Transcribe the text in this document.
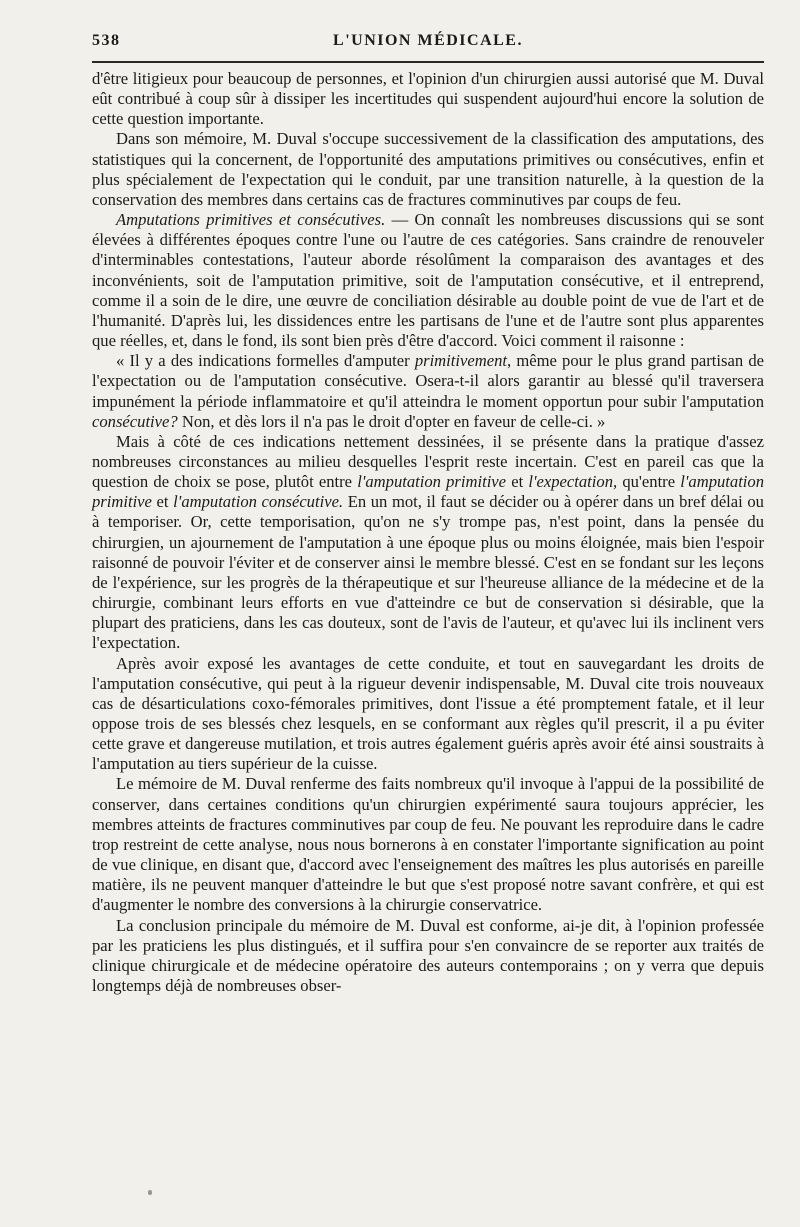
538	L'UNION MÉDICALE.

d'être litigieux pour beaucoup de personnes, et l'opinion d'un chirurgien aussi autorisé que M. Duval eût contribué à coup sûr à dissiper les incertitudes qui suspendent aujourd'hui encore la solution de cette question importante.

Dans son mémoire, M. Duval s'occupe successivement de la classification des amputations, des statistiques qui la concernent, de l'opportunité des amputations primitives ou consécutives, enfin et plus spécialement de l'expectation qui le conduit, par une transition naturelle, à la question de la conservation des membres dans certains cas de fractures comminutives par coups de feu.

Amputations primitives et consécutives. — On connaît les nombreuses discussions qui se sont élevées à différentes époques contre l'une ou l'autre de ces catégories. Sans craindre de renouveler d'interminables contestations, l'auteur aborde résolûment la comparaison des avantages et des inconvénients, soit de l'amputation primitive, soit de l'amputation consécutive, et il entreprend, comme il a soin de le dire, une œuvre de conciliation désirable au double point de vue de l'art et de l'humanité. D'après lui, les dissidences entre les partisans de l'une et de l'autre sont plus apparentes que réelles, et, dans le fond, ils sont bien près d'être d'accord. Voici comment il raisonne :

« Il y a des indications formelles d'amputer primitivement, même pour le plus grand partisan de l'expectation ou de l'amputation consécutive. Osera-t-il alors garantir au blessé qu'il traversera impunément la période inflammatoire et qu'il atteindra le moment opportun pour subir l'amputation consécutive? Non, et dès lors il n'a pas le droit d'opter en faveur de celle-ci. »

Mais à côté de ces indications nettement dessinées, il se présente dans la pratique d'assez nombreuses circonstances au milieu desquelles l'esprit reste incertain. C'est en pareil cas que la question de choix se pose, plutôt entre l'amputation primitive et l'expectation, qu'entre l'amputation primitive et l'amputation consécutive. En un mot, il faut se décider ou à opérer dans un bref délai ou à temporiser. Or, cette temporisation, qu'on ne s'y trompe pas, n'est point, dans la pensée du chirurgien, un ajournement de l'amputation à une époque plus ou moins éloignée, mais bien l'espoir raisonné de pouvoir l'éviter et de conserver ainsi le membre blessé. C'est en se fondant sur les leçons de l'expérience, sur les progrès de la thérapeutique et sur l'heureuse alliance de la médecine et de la chirurgie, combinant leurs efforts en vue d'atteindre ce but de conservation si désirable, que la plupart des praticiens, dans les cas douteux, sont de l'avis de l'auteur, et qu'avec lui ils inclinent vers l'expectation.

Après avoir exposé les avantages de cette conduite, et tout en sauvegardant les droits de l'amputation consécutive, qui peut à la rigueur devenir indispensable, M. Duval cite trois nouveaux cas de désarticulations coxo-fémorales primitives, dont l'issue a été promptement fatale, et il leur oppose trois de ses blessés chez lesquels, en se conformant aux règles qu'il prescrit, il a pu éviter cette grave et dangereuse mutilation, et trois autres également guéris après avoir été ainsi soustraits à l'amputation au tiers supérieur de la cuisse.

Le mémoire de M. Duval renferme des faits nombreux qu'il invoque à l'appui de la possibilité de conserver, dans certaines conditions qu'un chirurgien expérimenté saura toujours apprécier, les membres atteints de fractures comminutives par coup de feu. Ne pouvant les reproduire dans le cadre trop restreint de cette analyse, nous nous bornerons à en constater l'importante signification au point de vue clinique, en disant que, d'accord avec l'enseignement des maîtres les plus autorisés en pareille matière, ils ne peuvent manquer d'atteindre le but que s'est proposé notre savant confrère, et qui est d'augmenter le nombre des conversions à la chirurgie conservatrice.

La conclusion principale du mémoire de M. Duval est conforme, ai-je dit, à l'opinion professée par les praticiens les plus distingués, et il suffira pour s'en convaincre de se reporter aux traités de clinique chirurgicale et de médecine opératoire des auteurs contemporains ; on y verra que depuis longtemps déjà de nombreuses obser-
